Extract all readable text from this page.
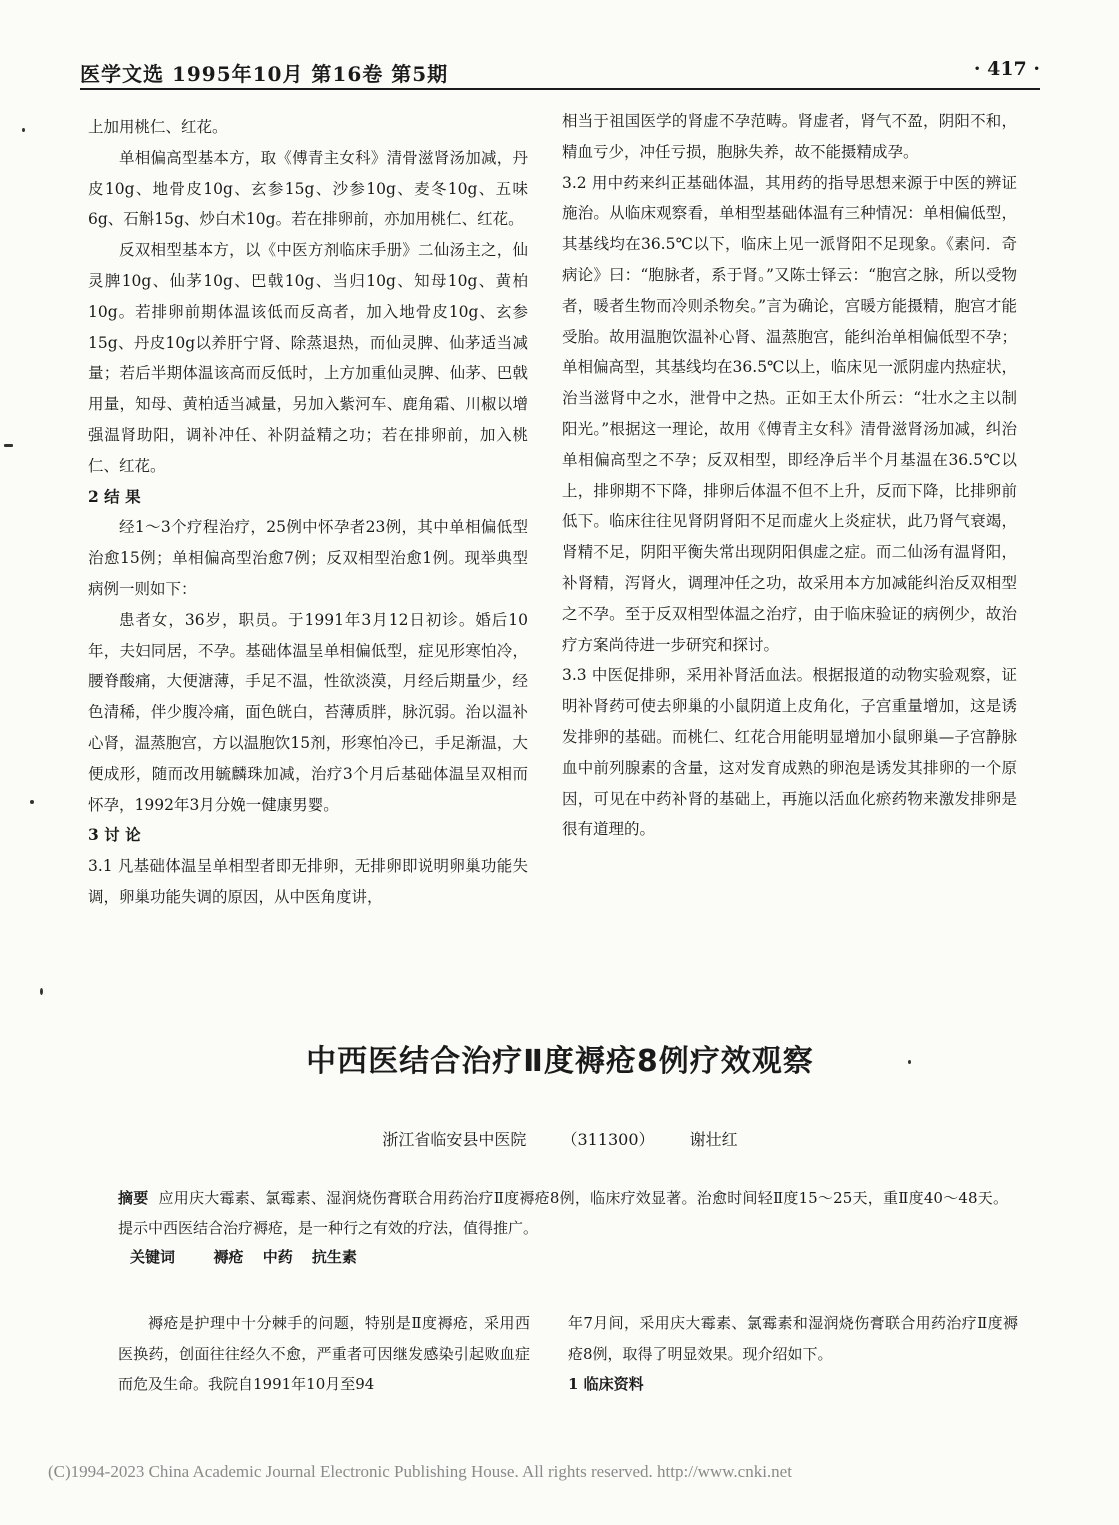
医学文选 1995年10月 第16卷 第5期	· 417 ·

上加用桃仁、红花。

单相偏高型基本方，取《傅青主女科》清骨滋肾汤加减，丹皮10g、地骨皮10g、玄参15g、沙参10g、麦冬10g、五味6g、石斛15g、炒白术10g。若在排卵前，亦加用桃仁、红花。

反双相型基本方，以《中医方剂临床手册》二仙汤主之，仙灵脾10g、仙茅10g、巴戟10g、当归10g、知母10g、黄柏10g。若排卵前期体温该低而反高者，加入地骨皮10g、玄参15g、丹皮10g以养肝宁肾、除蒸退热，而仙灵脾、仙茅适当减量；若后半期体温该高而反低时，上方加重仙灵脾、仙茅、巴戟用量，知母、黄柏适当减量，另加入紫河车、鹿角霜、川椒以增强温肾助阳，调补冲任、补阴益精之功；若在排卵前，加入桃仁、红花。

2 结 果

经1～3个疗程治疗，25例中怀孕者23例，其中单相偏低型治愈15例；单相偏高型治愈7例；反双相型治愈1例。现举典型病例一则如下：

患者女，36岁，职员。于1991年3月12日初诊。婚后10年，夫妇同居，不孕。基础体温呈单相偏低型，症见形寒怕冷，腰脊酸痛，大便溏薄，手足不温，性欲淡漠，月经后期量少，经色清稀，伴少腹冷痛，面色㿠白，苔薄质胖，脉沉弱。治以温补心肾，温蒸胞宫，方以温胞饮15剂，形寒怕冷已，手足渐温，大便成形，随而改用毓麟珠加减，治疗3个月后基础体温呈双相而怀孕，1992年3月分娩一健康男婴。

3 讨 论

3.1 凡基础体温呈单相型者即无排卵，无排卵即说明卵巢功能失调，卵巢功能失调的原因，从中医角度讲，

相当于祖国医学的肾虚不孕范畴。肾虚者，肾气不盈，阴阳不和，精血亏少，冲任亏损，胞脉失养，故不能摄精成孕。

3.2 用中药来纠正基础体温，其用药的指导思想来源于中医的辨证施治。从临床观察看，单相型基础体温有三种情况：单相偏低型，其基线均在36.5℃以下，临床上见一派肾阳不足现象。《素问．奇病论》曰：“胞脉者，系于肾。”又陈士铎云：“胞宫之脉，所以受物者，暖者生物而冷则杀物矣。”言为确论，宫暖方能摄精，胞宫才能受胎。故用温胞饮温补心肾、温蒸胞宫，能纠治单相偏低型不孕；单相偏高型，其基线均在36.5℃以上，临床见一派阴虚内热症状，治当滋肾中之水，泄骨中之热。正如王太仆所云：“壮水之主以制阳光。”根据这一理论，故用《傅青主女科》清骨滋肾汤加减，纠治单相偏高型之不孕；反双相型，即经净后半个月基温在36.5℃以上，排卵期不下降，排卵后体温不但不上升，反而下降，比排卵前低下。临床往往见肾阴肾阳不足而虚火上炎症状，此乃肾气衰竭，肾精不足，阴阳平衡失常出现阴阳俱虚之症。而二仙汤有温肾阳，补肾精，泻肾火，调理冲任之功，故采用本方加减能纠治反双相型之不孕。至于反双相型体温之治疗，由于临床验证的病例少，故治疗方案尚待进一步研究和探讨。

3.3 中医促排卵，采用补肾活血法。根据报道的动物实验观察，证明补肾药可使去卵巢的小鼠阴道上皮角化，子宫重量增加，这是诱发排卵的基础。而桃仁、红花合用能明显增加小鼠卵巢—子宫静脉血中前列腺素的含量，这对发育成熟的卵泡是诱发其排卵的一个原因，可见在中药补肾的基础上，再施以活血化瘀药物来激发排卵是很有道理的。

中西医结合治疗Ⅱ度褥疮8例疗效观察
浙江省临安县中医院 （311300） 谢壮红

摘要 应用庆大霉素、氯霉素、湿润烧伤膏联合用药治疗Ⅱ度褥疮8例，临床疗效显著。治愈时间轻Ⅱ度15～25天，重Ⅱ度40～48天。提示中西医结合治疗褥疮，是一种行之有效的疗法，值得推广。

关键词	褥疮 中药 抗生素

褥疮是护理中十分棘手的问题，特别是Ⅱ度褥疮，采用西医换药，创面往往经久不愈，严重者可因继发感染引起败血症而危及生命。我院自1991年10月至94

年7月间，采用庆大霉素、氯霉素和湿润烧伤膏联合用药治疗Ⅱ度褥疮8例，取得了明显效果。现介绍如下。

1 临床资料

(C)1994-2023 China Academic Journal Electronic Publishing House. All rights reserved. http://www.cnki.net
